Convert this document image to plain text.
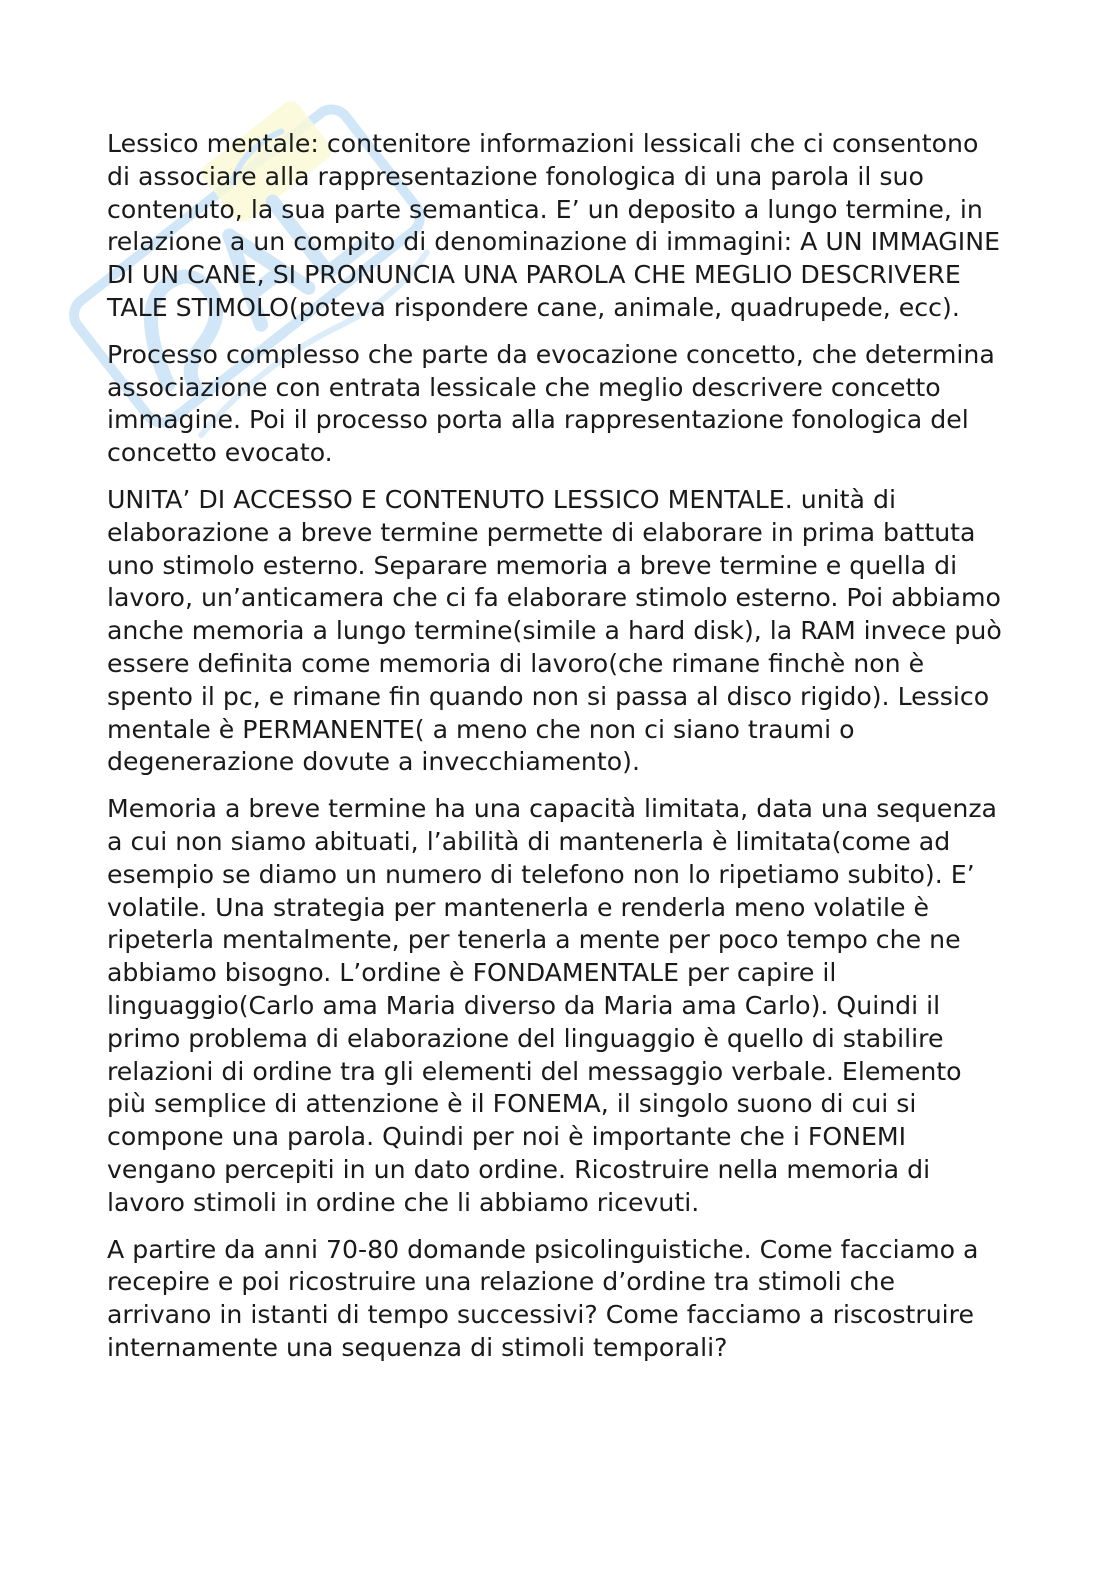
Lessico mentale: contenitore informazioni lessicali che ci consentono di associare alla rappresentazione fonologica di una parola il suo contenuto, la sua parte semantica. E’ un deposito a lungo termine, in relazione a un compito di denominazione di immagini: A UN IMMAGINE DI UN CANE, SI PRONUNCIA UNA PAROLA CHE MEGLIO DESCRIVERE TALE STIMOLO(poteva rispondere cane, animale, quadrupede, ecc).

Processo complesso che parte da evocazione concetto, che determina associazione con entrata lessicale che meglio descrivere concetto immagine. Poi il processo porta alla rappresentazione fonologica del concetto evocato.

UNITA’ DI ACCESSO E CONTENUTO LESSICO MENTALE. unità di elaborazione a breve termine permette di elaborare in prima battuta uno stimolo esterno. Separare memoria a breve termine e quella di lavoro, un’anticamera che ci fa elaborare stimolo esterno. Poi abbiamo anche memoria a lungo termine(simile a hard disk), la RAM invece può essere definita come memoria di lavoro(che rimane finchè non è spento il pc, e rimane fin quando non si passa al disco rigido). Lessico mentale è PERMANENTE( a meno che non ci siano traumi o degenerazione dovute a invecchiamento).

Memoria a breve termine ha una capacità limitata, data una sequenza a cui non siamo abituati, l’abilità di mantenerla è limitata(come ad esempio se diamo un numero di telefono non lo ripetiamo subito). E’ volatile. Una strategia per mantenerla e renderla meno volatile è ripeterla mentalmente, per tenerla a mente per poco tempo che ne abbiamo bisogno. L’ordine è FONDAMENTALE per capire il linguaggio(Carlo ama Maria diverso da Maria ama Carlo). Quindi il primo problema di elaborazione del linguaggio è quello di stabilire relazioni di ordine tra gli elementi del messaggio verbale. Elemento più semplice di attenzione è il FONEMA, il singolo suono di cui si compone una parola. Quindi per noi è importante che i FONEMI vengano percepiti in un dato ordine. Ricostruire nella memoria di lavoro stimoli in ordine che li abbiamo ricevuti.

A partire da anni 70-80 domande psicolinguistiche. Come facciamo a recepire e poi ricostruire una relazione d’ordine tra stimoli che arrivano in istanti di tempo successivi? Come facciamo a riscostruire internamente una sequenza di stimoli temporali?
